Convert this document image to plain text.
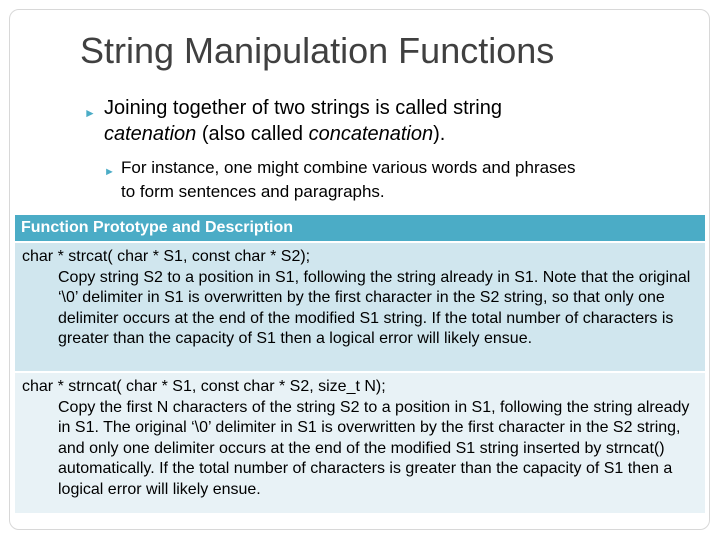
String Manipulation Functions
► Joining together of two strings is called string
catenation (also called concatenation).
► For instance, one might combine various words and phrases
to form sentences and paragraphs.
Function Prototype and Description
char * strcat( char * S1, const char * S2);
Copy string S2 to a position in S1, following the string already in S1. Note that the original ‘\0’ delimiter in S1 is overwritten by the first character in the S2 string, so that only one delimiter occurs at the end of the modified S1 string. If the total number of characters is greater than the capacity of S1 then a logical error will likely ensue.
char * strncat( char * S1, const char * S2, size_t N);
Copy the first N characters of the string S2 to a position in S1, following the string already in S1. The original ‘\0’ delimiter in S1 is overwritten by the first character in the S2 string, and only one delimiter occurs at the end of the modified S1 string inserted by strncat() automatically. If the total number of characters is greater than the capacity of S1 then a logical error will likely ensue.
